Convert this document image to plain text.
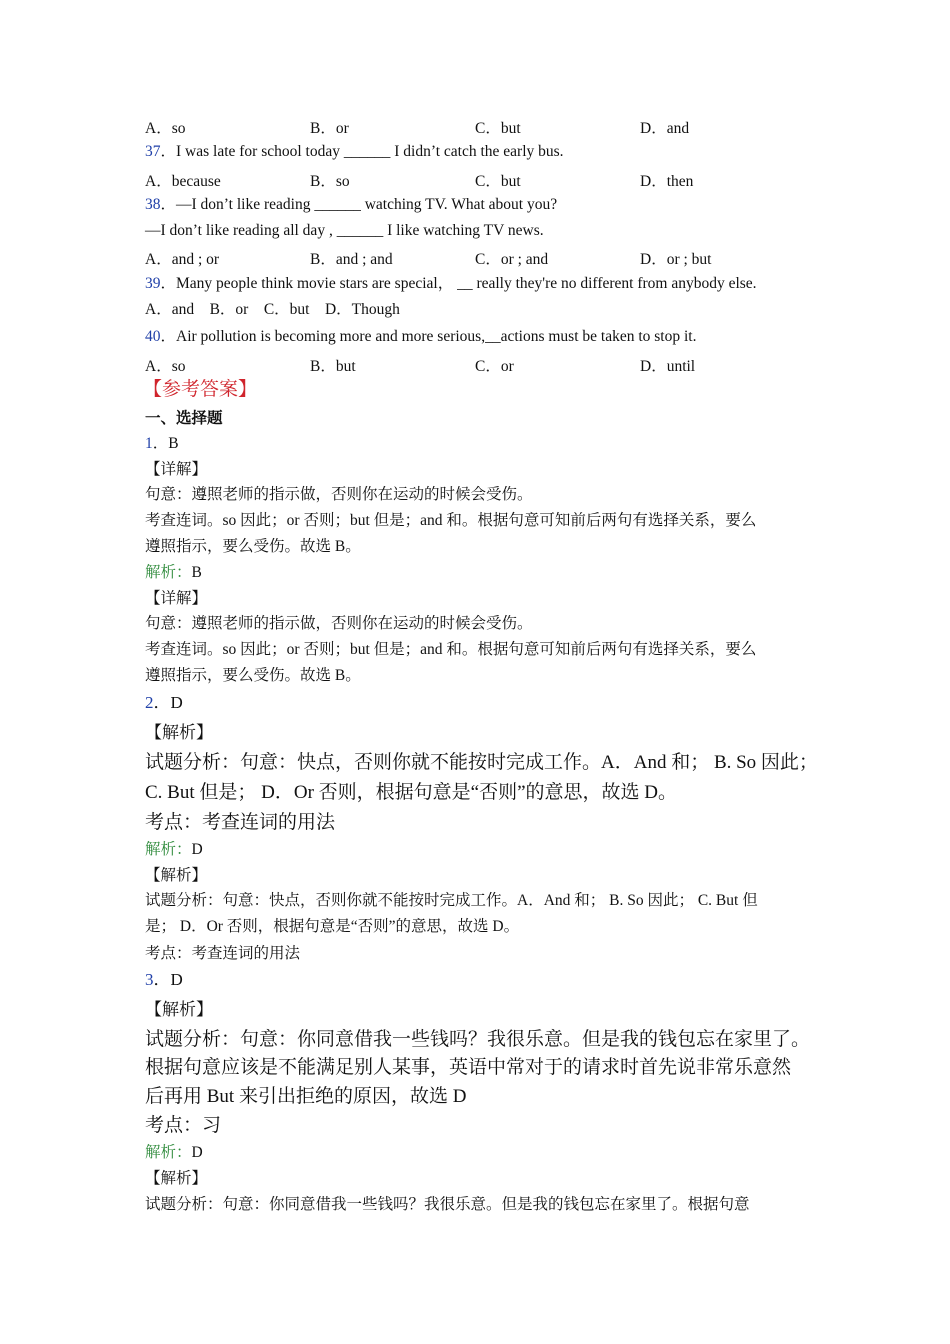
A．so	B．or	C．but	D．and
37．I was late for school today ______ I didn’t catch the early bus.
A．because	B．so	C．but	D．then
38．—I don’t like reading ______ watching TV. What about you?
—I don’t like reading all day , ______ I like watching TV news.
A．and ; or	B．and ; and	C．or ; and	D．or ; but
39．Many people think movie stars are special， __ really they're no different from anybody else.
A．and    B．or    C．but    D．Though
40．Air pollution is becoming more and more serious,__actions must be taken to stop it.
A．so	B．but	C．or	D．until
【参考答案】
一、选择题
1．B
【详解】
句意：遵照老师的指示做，否则你在运动的时候会受伤。
考查连词。so 因此；or 否则；but 但是；and 和。根据句意可知前后两句有选择关系，要么
遵照指示，要么受伤。故选 B。
解析：B
【详解】
句意：遵照老师的指示做，否则你在运动的时候会受伤。
考查连词。so 因此；or 否则；but 但是；and 和。根据句意可知前后两句有选择关系，要么
遵照指示，要么受伤。故选 B。
2．D
【解析】
试题分析：句意：快点，否则你就不能按时完成工作。A．And 和； B. So 因此；
C. But 但是； D．Or 否则，根据句意是“否则”的意思，故选 D。
考点：考查连词的用法
解析：D
【解析】
试题分析：句意：快点，否则你就不能按时完成工作。A．And 和； B. So 因此； C. But 但
是； D．Or 否则，根据句意是“否则”的意思，故选 D。
考点：考查连词的用法
3．D
【解析】
试题分析：句意：你同意借我一些钱吗？我很乐意。但是我的钱包忘在家里了。
根据句意应该是不能满足别人某事，英语中常对于的请求时首先说非常乐意然
后再用 But 来引出拒绝的原因，故选 D
考点：习
解析：D
【解析】
试题分析：句意：你同意借我一些钱吗？我很乐意。但是我的钱包忘在家里了。根据句意
